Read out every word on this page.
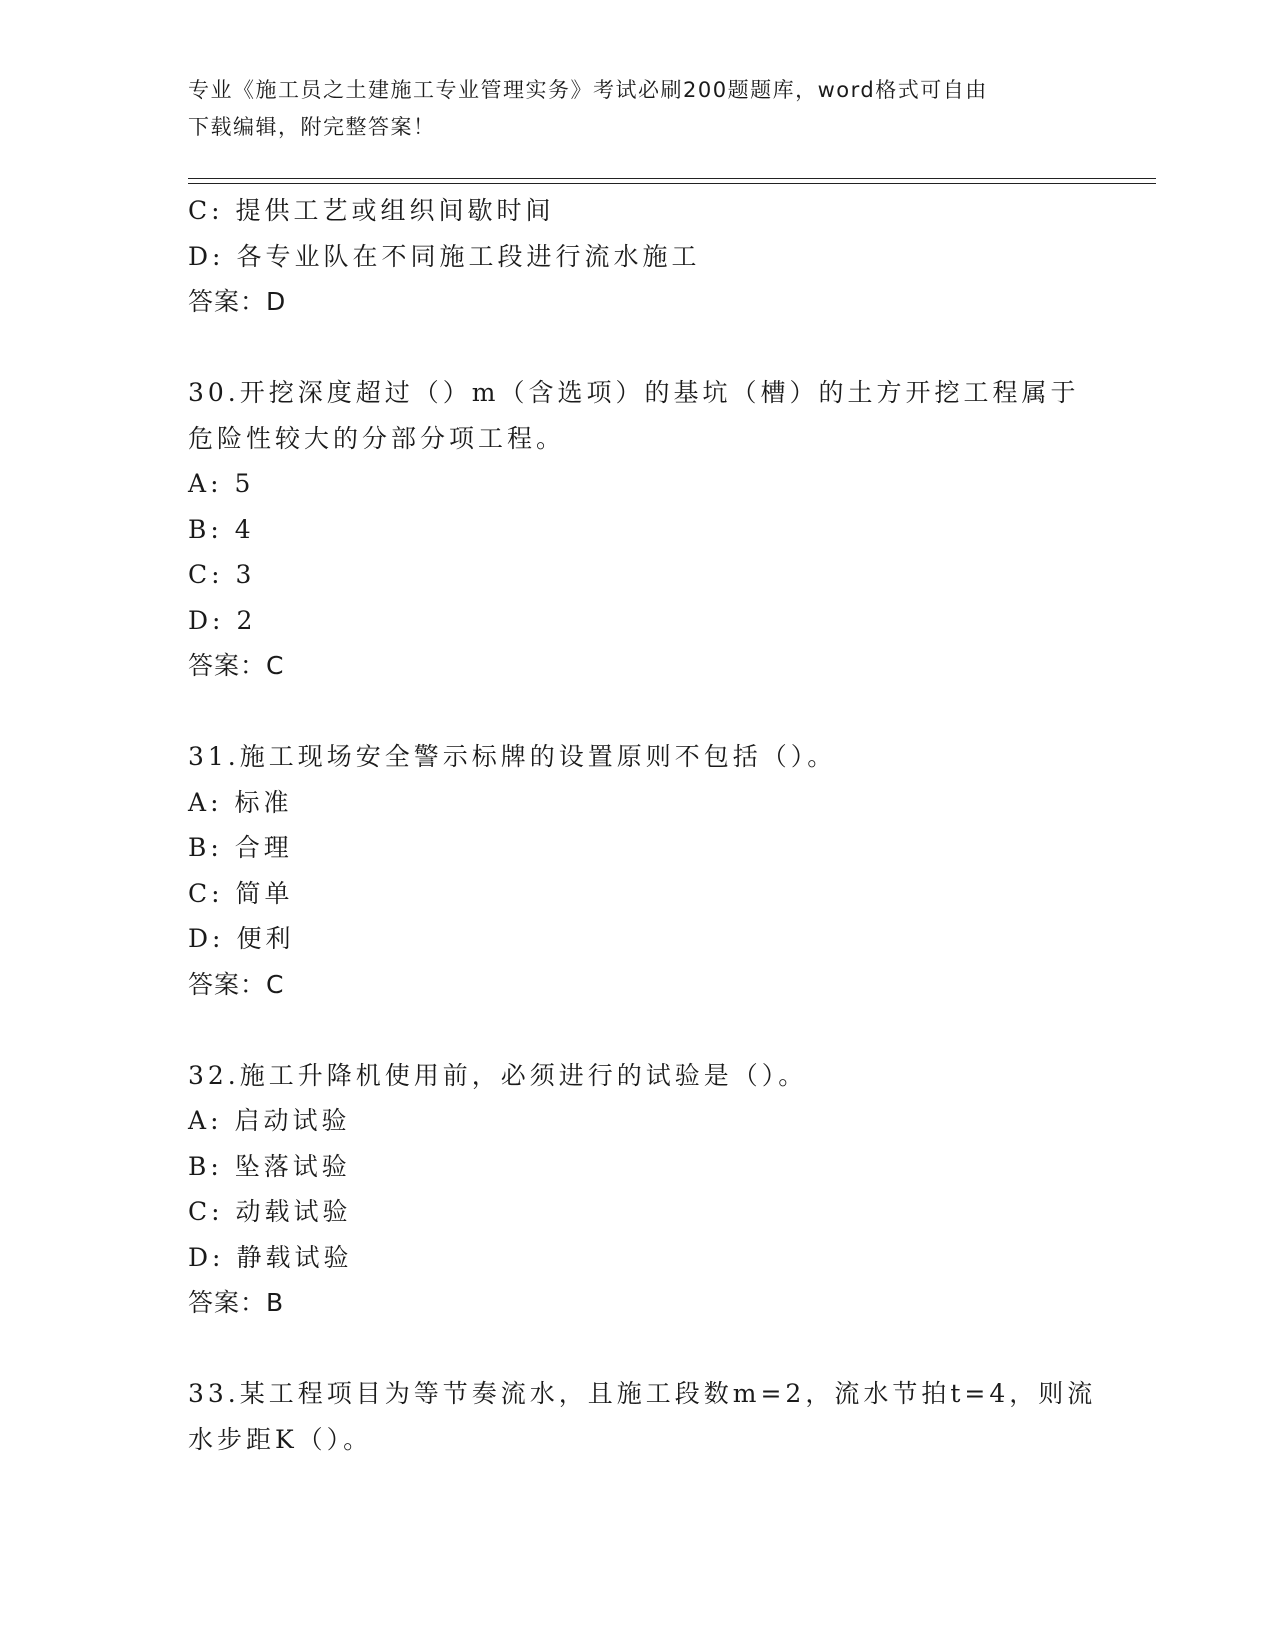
专业《施工员之土建施工专业管理实务》考试必刷200题题库，word格式可自由
下载编辑，附完整答案！
C: 提供工艺或组织间歇时间
D: 各专业队在不同施工段进行流水施工
答案：D
30.开挖深度超过（）m（含选项）的基坑（槽）的土方开挖工程属于
危险性较大的分部分项工程。
A: 5
B: 4
C: 3
D: 2
答案：C
31.施工现场安全警示标牌的设置原则不包括（）。
A: 标准
B: 合理
C: 简单
D: 便利
答案：C
32.施工升降机使用前，必须进行的试验是（）。
A: 启动试验
B: 坠落试验
C: 动载试验
D: 静载试验
答案：B
33.某工程项目为等节奏流水，且施工段数m=2，流水节拍t=4，则流
水步距K（）。
